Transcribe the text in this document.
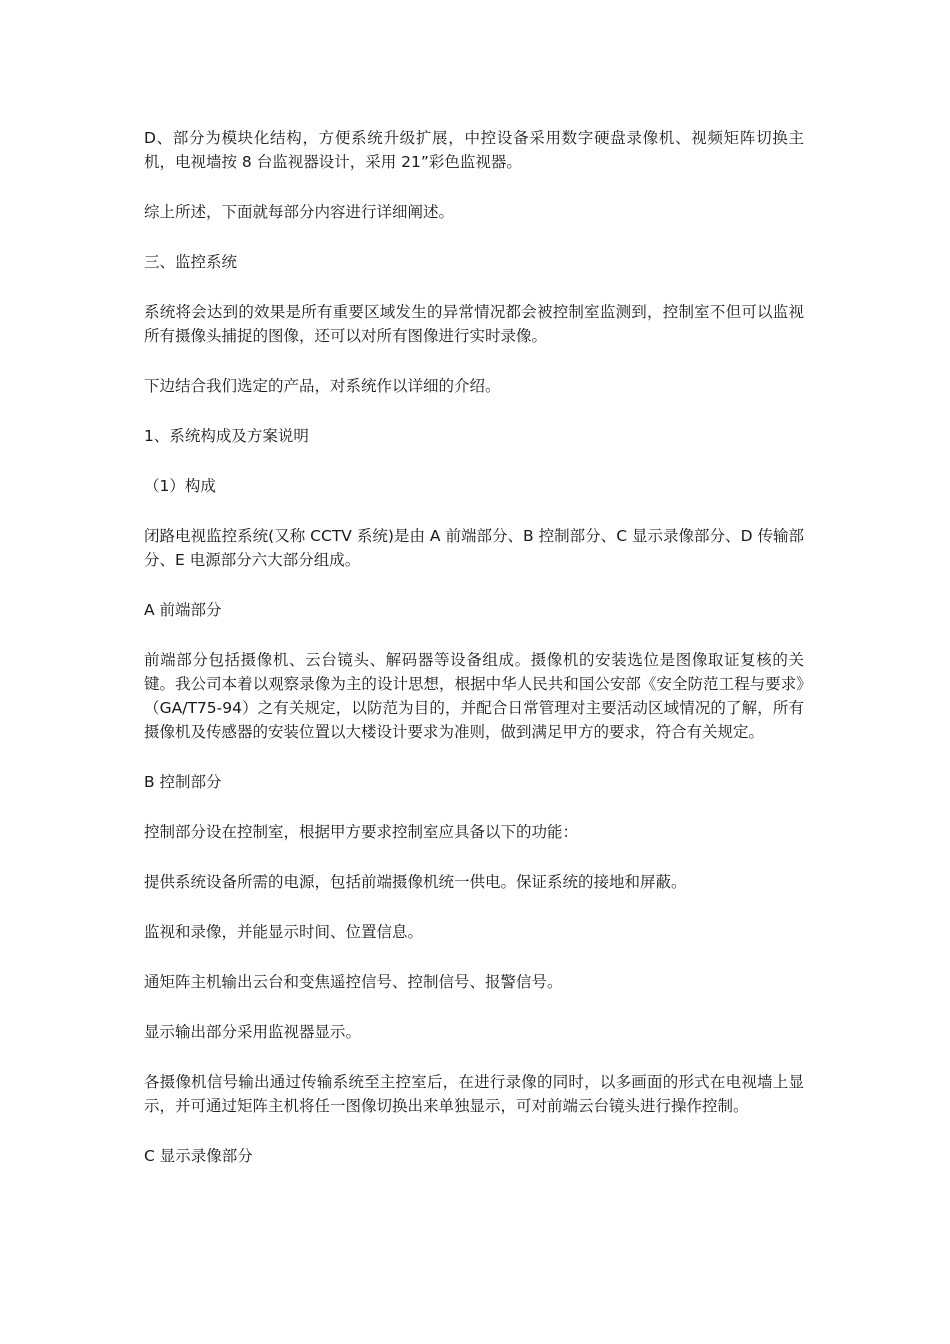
D、部分为模块化结构，方便系统升级扩展，中控设备采用数字硬盘录像机、视频矩阵切换主机，电视墙按 8 台监视器设计，采用 21”彩色监视器。

综上所述，下面就每部分内容进行详细阐述。

三、监控系统

系统将会达到的效果是所有重要区域发生的异常情况都会被控制室监测到，控制室不但可以监视所有摄像头捕捉的图像，还可以对所有图像进行实时录像。

下边结合我们选定的产品，对系统作以详细的介绍。

1、系统构成及方案说明

（1）构成

闭路电视监控系统(又称 CCTV 系统)是由 A 前端部分、B 控制部分、C 显示录像部分、D 传输部分、E 电源部分六大部分组成。

A 前端部分

前端部分包括摄像机、云台镜头、解码器等设备组成。摄像机的安装选位是图像取证复核的关键。我公司本着以观察录像为主的设计思想，根据中华人民共和国公安部《安全防范工程与要求》（GA/T75-94）之有关规定，以防范为目的，并配合日常管理对主要活动区域情况的了解，所有摄像机及传感器的安装位置以大楼设计要求为准则，做到满足甲方的要求，符合有关规定。

B 控制部分

控制部分设在控制室，根据甲方要求控制室应具备以下的功能：

提供系统设备所需的电源，包括前端摄像机统一供电。保证系统的接地和屏蔽。

监视和录像，并能显示时间、位置信息。

通矩阵主机输出云台和变焦遥控信号、控制信号、报警信号。

显示输出部分采用监视器显示。

各摄像机信号输出通过传输系统至主控室后，在进行录像的同时，以多画面的形式在电视墙上显示，并可通过矩阵主机将任一图像切换出来单独显示，可对前端云台镜头进行操作控制。

C 显示录像部分
